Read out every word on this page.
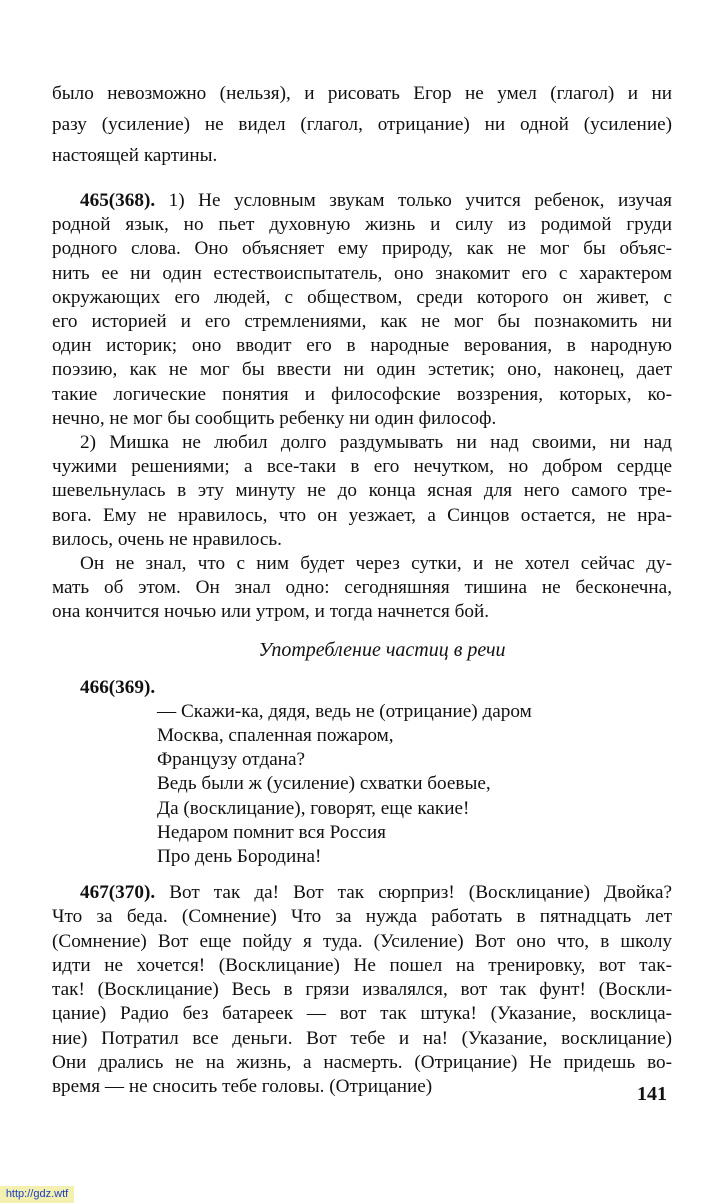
было невозможно (нельзя), и рисовать Егор не умел (глагол) и ни
разу (усиление) не видел (глагол, отрицание) ни одной (усиление)
настоящей картины.
465(368). 1) Не условным звукам только учится ребенок, изучая
родной язык, но пьет духовную жизнь и силу из родимой груди
родного слова. Оно объясняет ему природу, как не мог бы объяс-
нить ее ни один естествоиспытатель, оно знакомит его с характером
окружающих его людей, с обществом, среди которого он живет, с
его историей и его стремлениями, как не мог бы познакомить ни
один историк; оно вводит его в народные верования, в народную
поэзию, как не мог бы ввести ни один эстетик; оно, наконец, дает
такие логические понятия и философские воззрения, которых, ко-
нечно, не мог бы сообщить ребенку ни один философ.
2) Мишка не любил долго раздумывать ни над своими, ни над
чужими решениями; а все-таки в его нечутком, но добром сердце
шевельнулась в эту минуту не до конца ясная для него самого тре-
вога. Ему не нравилось, что он уезжает, а Синцов остается, не нра-
вилось, очень не нравилось.
Он не знал, что с ним будет через сутки, и не хотел сейчас ду-
мать об этом. Он знал одно: сегодняшняя тишина не бесконечна,
она кончится ночью или утром, и тогда начнется бой.
Употребление частиц в речи
466(369).
— Скажи-ка, дядя, ведь не (отрицание) даром
Москва, спаленная пожаром,
Французу отдана?
Ведь были ж (усиление) схватки боевые,
Да (восклицание), говорят, еще какие!
Недаром помнит вся Россия
Про день Бородина!
467(370). Вот так да! Вот так сюрприз! (Восклицание) Двойка?
Что за беда. (Сомнение) Что за нужда работать в пятнадцать лет
(Сомнение) Вот еще пойду я туда. (Усиление) Вот оно что, в школу
идти не хочется! (Восклицание) Не пошел на тренировку, вот так-
так! (Восклицание) Весь в грязи извалялся, вот так фунт! (Воскли-
цание) Радио без батареек — вот так штука! (Указание, восклица-
ние) Потратил все деньги. Вот тебе и на! (Указание, восклицание)
Они дрались не на жизнь, а насмерть. (Отрицание) Не придешь во-
время — не сносить тебе головы. (Отрицание)	141
http://gdz.wtf
